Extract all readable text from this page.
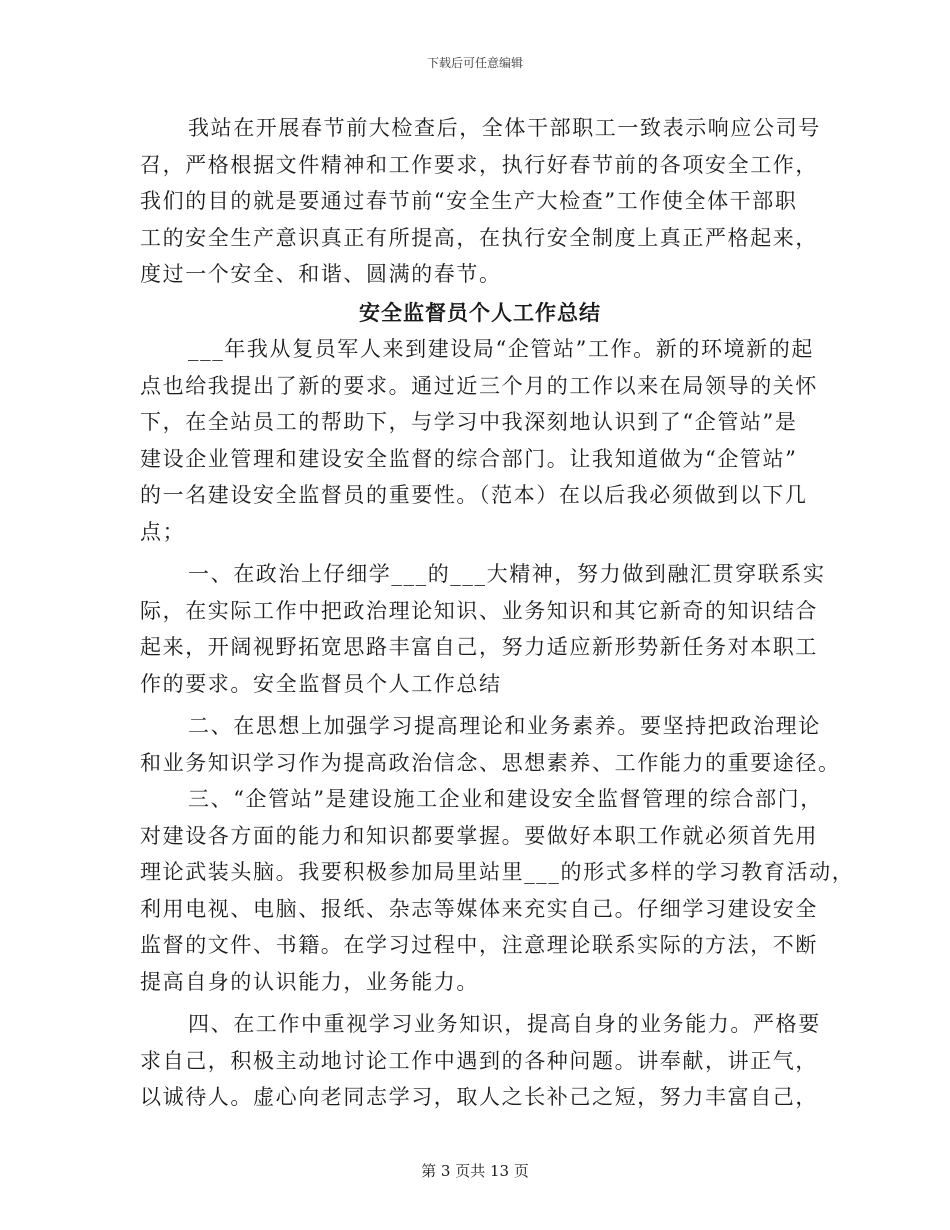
下载后可任意编辑
我站在开展春节前大检查后，全体干部职工一致表示响应公司号
召，严格根据文件精神和工作要求，执行好春节前的各项安全工作，
我们的目的就是要通过春节前“安全生产大检查”工作使全体干部职
工的安全生产意识真正有所提高，在执行安全制度上真正严格起来，
度过一个安全、和谐、圆满的春节。
安全监督员个人工作总结
___年我从复员军人来到建设局“企管站”工作。新的环境新的起
点也给我提出了新的要求。通过近三个月的工作以来在局领导的关怀
下，在全站员工的帮助下，与学习中我深刻地认识到了“企管站”是
建设企业管理和建设安全监督的综合部门。让我知道做为“企管站”
的一名建设安全监督员的重要性。（范本）在以后我必须做到以下几
点；
一、在政治上仔细学___的___大精神，努力做到融汇贯穿联系实
际，在实际工作中把政治理论知识、业务知识和其它新奇的知识结合
起来，开阔视野拓宽思路丰富自己，努力适应新形势新任务对本职工
作的要求。安全监督员个人工作总结
二、在思想上加强学习提高理论和业务素养。要坚持把政治理论
和业务知识学习作为提高政治信念、思想素养、工作能力的重要途径。
三、“企管站”是建设施工企业和建设安全监督管理的综合部门，
对建设各方面的能力和知识都要掌握。要做好本职工作就必须首先用
理论武装头脑。我要积极参加局里站里___的形式多样的学习教育活动，
利用电视、电脑、报纸、杂志等媒体来充实自己。仔细学习建设安全
监督的文件、书籍。在学习过程中，注意理论联系实际的方法，不断
提高自身的认识能力，业务能力。
四、在工作中重视学习业务知识，提高自身的业务能力。严格要
求自己，积极主动地讨论工作中遇到的各种问题。讲奉献，讲正气，
以诚待人。虚心向老同志学习，取人之长补己之短，努力丰富自己，
第 3 页共 13 页
